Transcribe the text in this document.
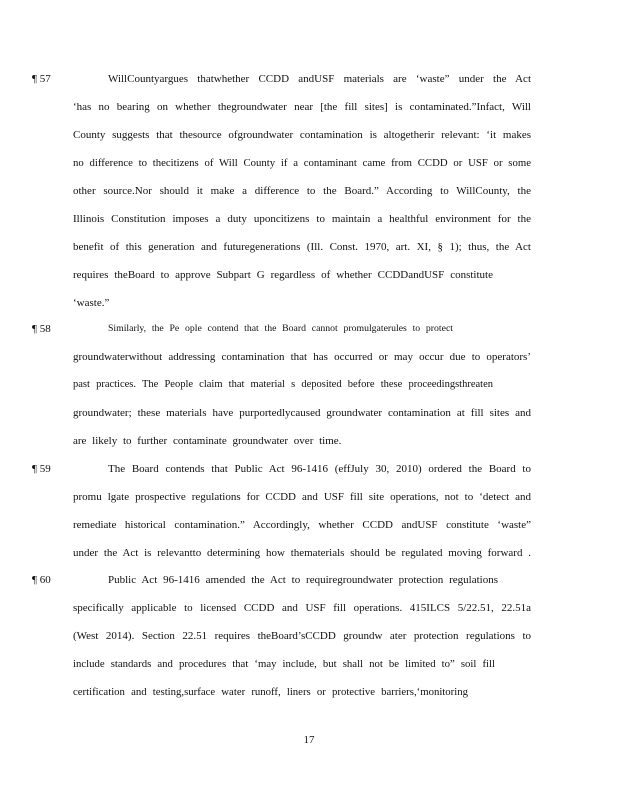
¶ 57	WillCountyargues thatwhether CCDD andUSF materials are ‘waste” under the Act
‘has no bearing on whether thegroundwater near [the fill sites] is contaminated.”Infact, Will
County suggests that thesource ofgroundwater contamination is altogetherir relevant: ‘it makes
no difference to thecitizens of Will County if a contaminant came from CCDD or USF or some
other source.Nor should it make a difference to the Board.” According to WillCounty, the
Illinois Constitution imposes a duty uponcitizens to maintain a healthful environment for the
benefit of this generation and futuregenerations (Ill. Const. 1970, art. XI, § 1); thus, the Act
requires theBoard to approve Subpart G regardless of whether CCDDandUSF constitute
‘waste.”
¶ 58	Similarly, the Pe ople contend that the Board cannot promulgaterules to protect
groundwaterwithout addressing contamination that has occurred or may occur due to operators’
past practices. The People claim that material s deposited before these proceedingsthreaten
groundwater; these materials have purportedlycaused groundwater contamination at fill sites and
are likely to further contaminate groundwater over time.
¶ 59	The Board contends that Public Act 96-1416 (effJuly 30, 2010) ordered the Board to
promu lgate prospective regulations for CCDD and USF fill site operations, not to ‘detect and
remediate historical contamination.” Accordingly, whether CCDD andUSF constitute ‘waste”
under the Act is relevantto determining how thematerials should be regulated moving forward .
¶ 60	Public Act 96-1416 amended the Act to requiregroundwater protection regulations
specifically applicable to licensed CCDD and USF fill operations. 415ILCS 5/22.51, 22.51a
(West 2014). Section 22.51 requires theBoard’sCCDD groundw ater protection regulations to
include standards and procedures that ‘may include, but shall not be limited to” soil fill
certification and testing,surface water runoff, liners or protective barriers,‘monitoring
17
